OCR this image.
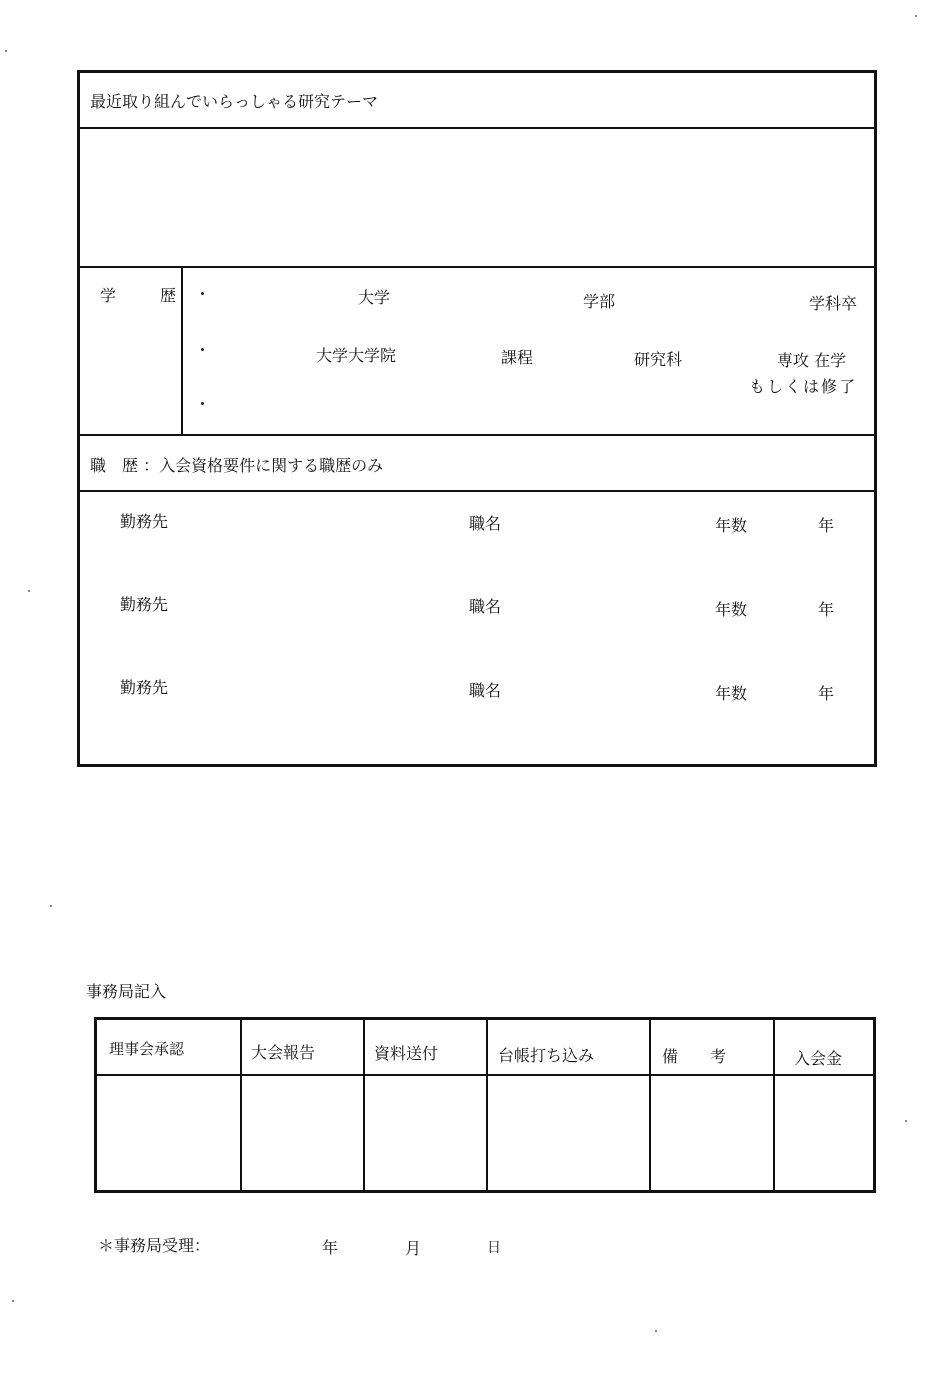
最近取り組んでいらっしゃる研究テーマ
学　歴	大学	学部	学科卒
大学大学院	課程	研究科	専攻 在学
もしくは修了
職　歴 ：入会資格要件に関する職歴のみ
勤務先	職名	年数	年
勤務先	職名	年数	年
勤務先	職名	年数	年
事務局記入
理事会承認	大会報告	資料送付	台帳打ち込み	備　　考	入会金
＊事務局受理：	年	月	日
